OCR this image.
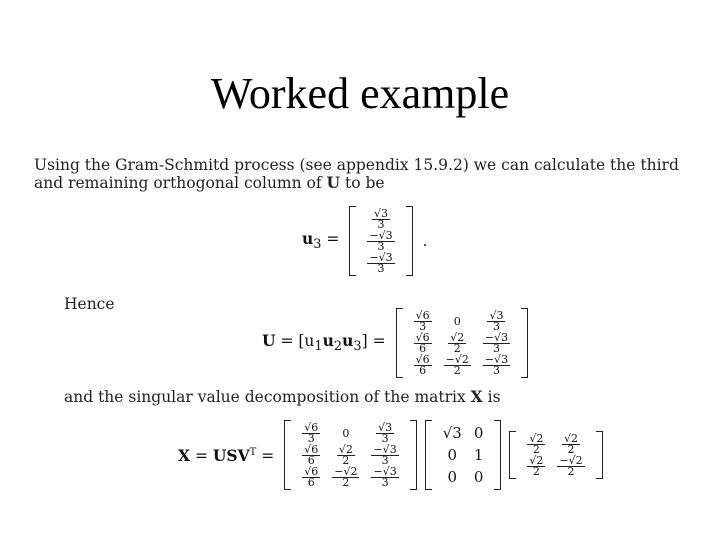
Worked example
Using the Gram-Schmitd process (see appendix 15.9.2) we can calculate the third and remaining orthogonal column of U to be
$u_3$ =
$\frac{√3}{3}$
$\frac{-√3}{3}$
$\frac{-√3}{3}$
.
Hence
$U = [u_1u_2u_3]$ =
$\frac{√6}{3}$
$\frac{√6}{6}$
$\frac{√6}{6}$
0
$\frac{√2}{2}$
$\frac{-√2}{2}$
$\frac{√3}{3}$
$\frac{-√3}{3}$
$\frac{-√3}{3}$
and the singular value decomposition of the matrix X is
$X = USV^T$ =
$\frac{√6}{3}$
$\frac{√6}{6}$
$\frac{√6}{6}$
0
$\frac{√2}{2}$
$\frac{-√2}{2}$
$\frac{√3}{3}$
$\frac{-√3}{3}$
$\frac{-√3}{3}$
√3
0
0
0
1
0
$\frac{√2}{2}$
$\frac{√2}{2}$
$\frac{√2}{2}$
$\frac{-√2}{2}$
